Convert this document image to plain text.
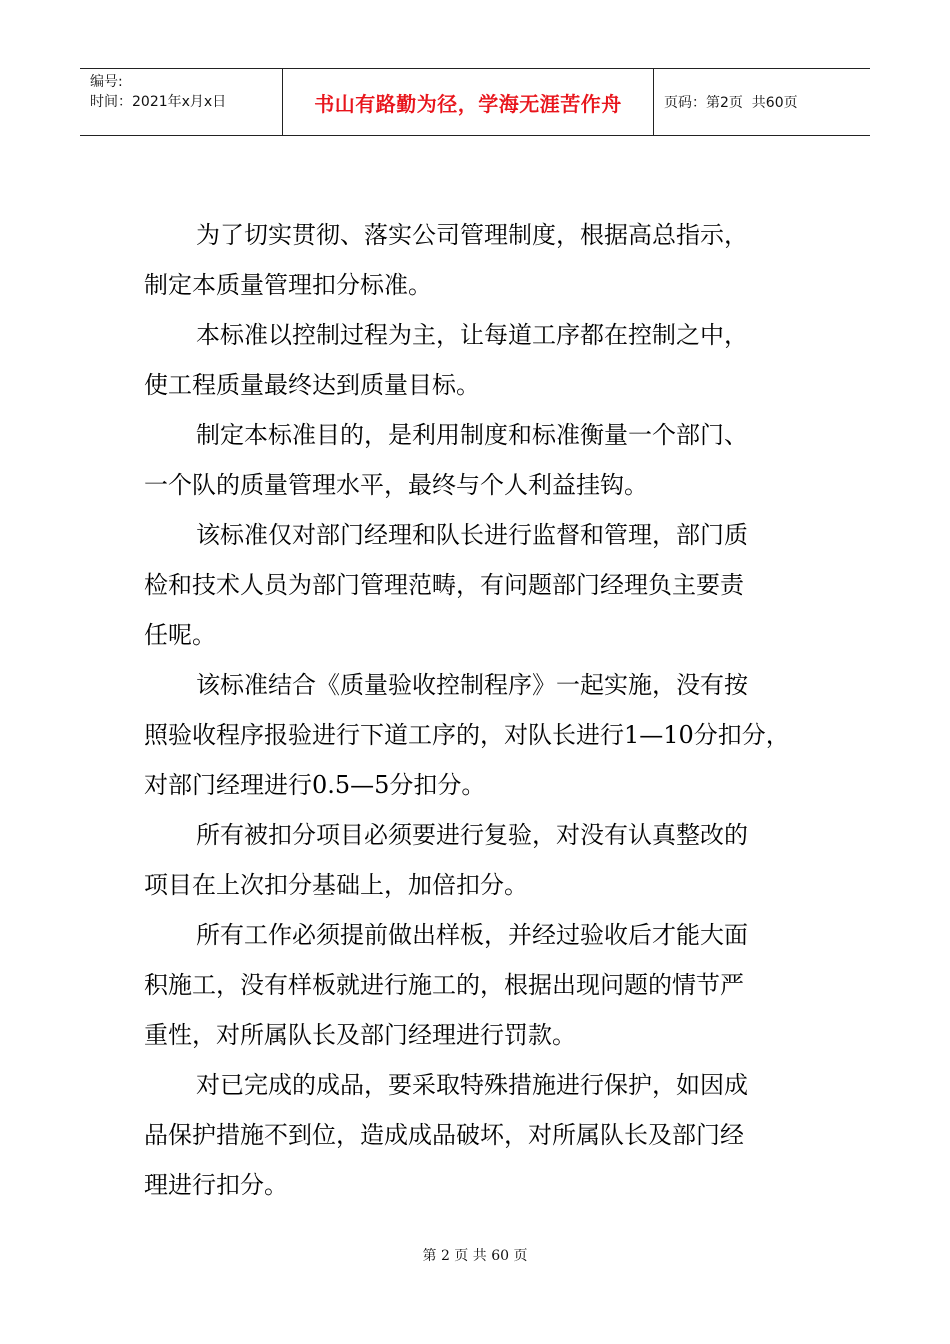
编号:
时间：2021年x月x日	书山有路勤为径，学海无涯苦作舟	页码：第2页  共60页

为了切实贯彻、落实公司管理制度，根据高总指示，
制定本质量管理扣分标准。

本标准以控制过程为主，让每道工序都在控制之中，
使工程质量最终达到质量目标。

制定本标准目的，是利用制度和标准衡量一个部门、
一个队的质量管理水平，最终与个人利益挂钩。

该标准仅对部门经理和队长进行监督和管理，部门质
检和技术人员为部门管理范畴，有问题部门经理负主要责
任呢。

该标准结合《质量验收控制程序》一起实施，没有按
照验收程序报验进行下道工序的，对队长进行1—10分扣分，
对部门经理进行0.5—5分扣分。

所有被扣分项目必须要进行复验，对没有认真整改的
项目在上次扣分基础上，加倍扣分。

所有工作必须提前做出样板，并经过验收后才能大面
积施工，没有样板就进行施工的，根据出现问题的情节严
重性，对所属队长及部门经理进行罚款。

对已完成的成品，要采取特殊措施进行保护，如因成
品保护措施不到位，造成成品破坏，对所属队长及部门经
理进行扣分。

第 2 页 共 60 页
